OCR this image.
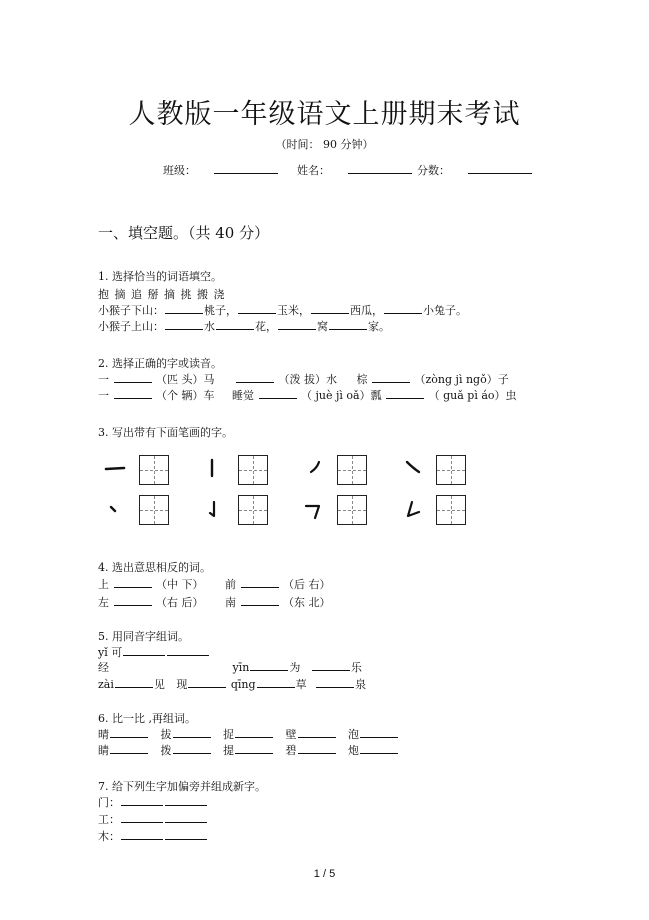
人教版一年级语文上册期末考试
（时间： 90 分钟）
班级：	姓名：	分数：
一、填空题。（共 40 分）
1. 选择恰当的词语填空。
抱 摘 追 掰 摘 挑 搬 浇
小猴子下山：	桃子，	玉米，	西瓜，	小兔子。
小猴子上山：	水	花，	窝	家。
2. 选择正确的字或读音。
一	（匹 头）马	（泼 拔）水 棕	（zòng jì ngǒ）子
一	（个 辆）车 睡觉	（ juè jì oǎ）瓢	（ guǎ pì áo）虫
3. 写出带有下面笔画的字。
4. 选出意思相反的词。
上	（中 下） 前	（后 右）
左	（右 后） 南	（东 北）
5. 用同音字组词。
yǐ 可
经	yīn	为	乐
zài	见 现	qīng	草	泉
6. 比一比 ,再组词。
晴	拔	捉	壁	泡
睛	拨	提	碧	炮
7. 给下列生字加偏旁并组成新字。
门：
工：
木：
1 / 5
